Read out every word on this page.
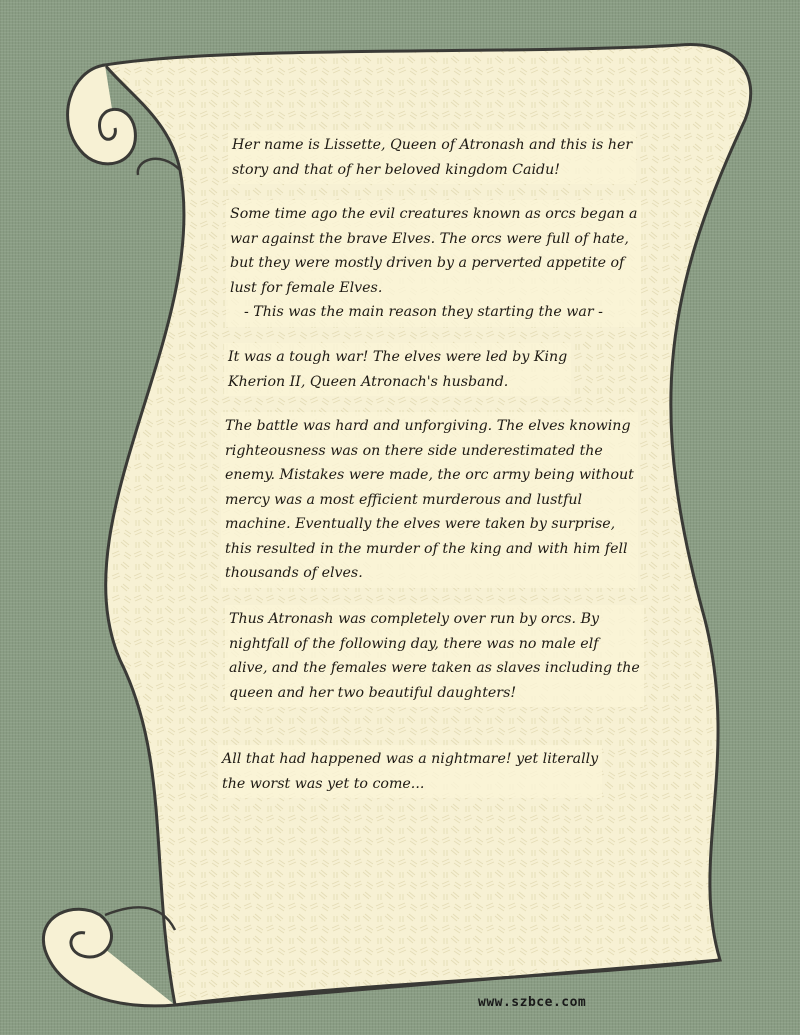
Her name is Lissette, Queen of Atronash and this is her
story and that of her beloved kingdom Caidu!
Some time ago the evil creatures known as orcs began a
war against the brave Elves. The orcs were full of hate,
but they were mostly driven by a perverted appetite of
lust for female Elves.
- This was the main reason they starting the war -
It was a tough war! The elves were led by King
Kherion II, Queen Atronach's husband.
The battle was hard and unforgiving. The elves knowing
righteousness was on there side underestimated the
enemy. Mistakes were made, the orc army being without
mercy was a most efficient murderous and lustful
machine. Eventually the elves were taken by surprise,
this resulted in the murder of the king and with him fell
thousands of elves.
Thus Atronash was completely over run by orcs. By
nightfall of the following day, there was no male elf
alive, and the females were taken as slaves including the
queen and her two beautiful daughters!
All that had happened was a nightmare! yet literally
the worst was yet to come...
www.szbce.com
